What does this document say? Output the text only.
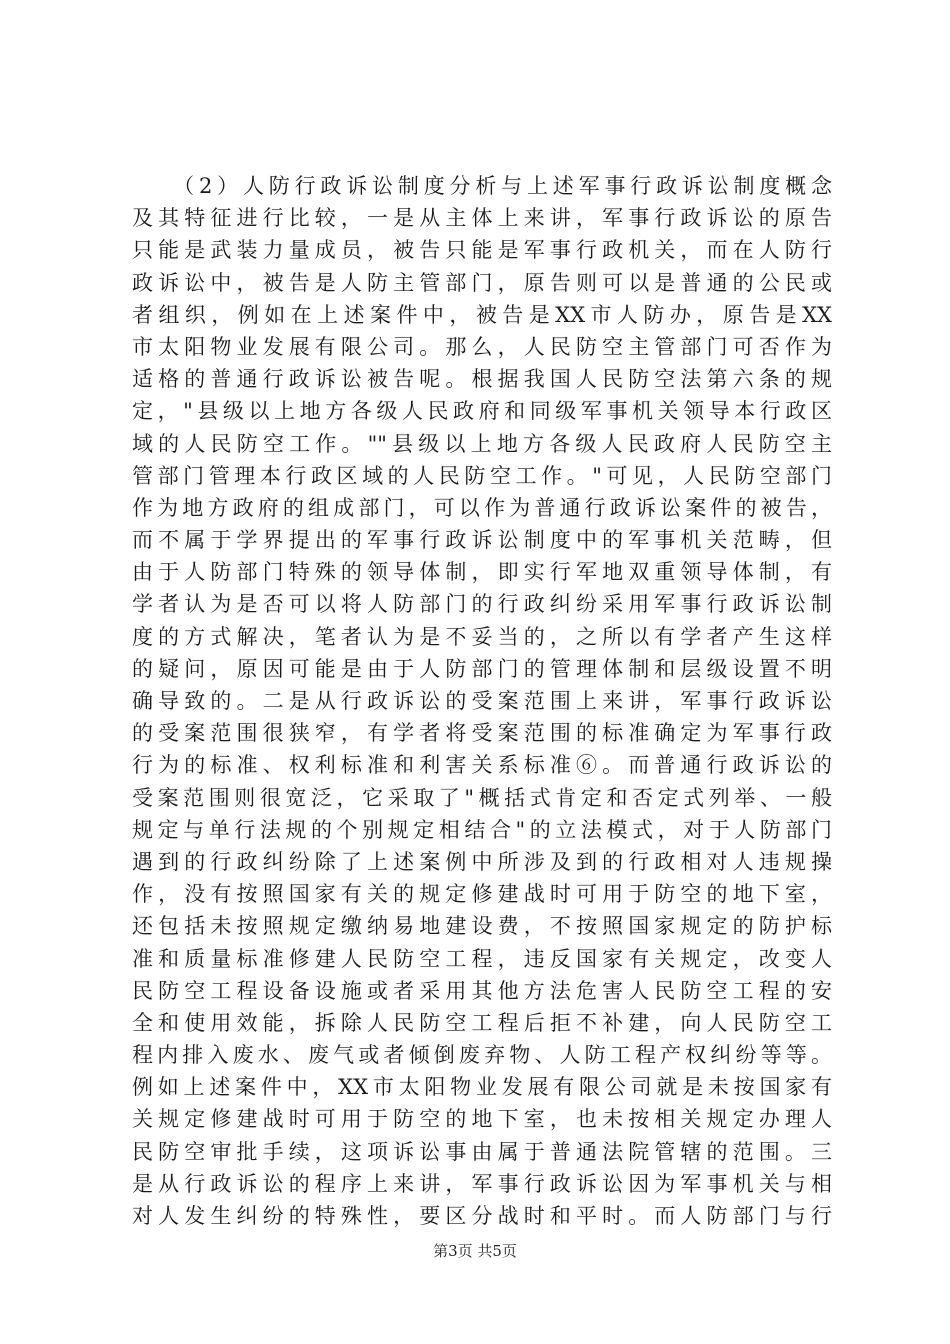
　　（2）人防行政诉讼制度分析与上述军事行政诉讼制度概念
及其特征进行比较，一是从主体上来讲，军事行政诉讼的原告
只能是武装力量成员，被告只能是军事行政机关，而在人防行
政诉讼中，被告是人防主管部门，原告则可以是普通的公民或
者组织，例如在上述案件中，被告是XX市人防办，原告是XX
市太阳物业发展有限公司。那么，人民防空主管部门可否作为
适格的普通行政诉讼被告呢。根据我国人民防空法第六条的规
定，"县级以上地方各级人民政府和同级军事机关领导本行政区
域的人民防空工作。""县级以上地方各级人民政府人民防空主
管部门管理本行政区域的人民防空工作。"可见，人民防空部门
作为地方政府的组成部门，可以作为普通行政诉讼案件的被告，
而不属于学界提出的军事行政诉讼制度中的军事机关范畴，但
由于人防部门特殊的领导体制，即实行军地双重领导体制，有
学者认为是否可以将人防部门的行政纠纷采用军事行政诉讼制
度的方式解决，笔者认为是不妥当的，之所以有学者产生这样
的疑问，原因可能是由于人防部门的管理体制和层级设置不明
确导致的。二是从行政诉讼的受案范围上来讲，军事行政诉讼
的受案范围很狭窄，有学者将受案范围的标准确定为军事行政
行为的标准、权利标准和利害关系标准⑥。而普通行政诉讼的
受案范围则很宽泛，它采取了"概括式肯定和否定式列举、一般
规定与单行法规的个别规定相结合"的立法模式，对于人防部门
遇到的行政纠纷除了上述案例中所涉及到的行政相对人违规操
作，没有按照国家有关的规定修建战时可用于防空的地下室，
还包括未按照规定缴纳易地建设费，不按照国家规定的防护标
准和质量标准修建人民防空工程，违反国家有关规定，改变人
民防空工程设备设施或者采用其他方法危害人民防空工程的安
全和使用效能，拆除人民防空工程后拒不补建，向人民防空工
程内排入废水、废气或者倾倒废弃物、人防工程产权纠纷等等。
例如上述案件中，XX市太阳物业发展有限公司就是未按国家有
关规定修建战时可用于防空的地下室，也未按相关规定办理人
民防空审批手续，这项诉讼事由属于普通法院管辖的范围。三
是从行政诉讼的程序上来讲，军事行政诉讼因为军事机关与相
对人发生纠纷的特殊性，要区分战时和平时。而人防部门与行
第3页 共5页
